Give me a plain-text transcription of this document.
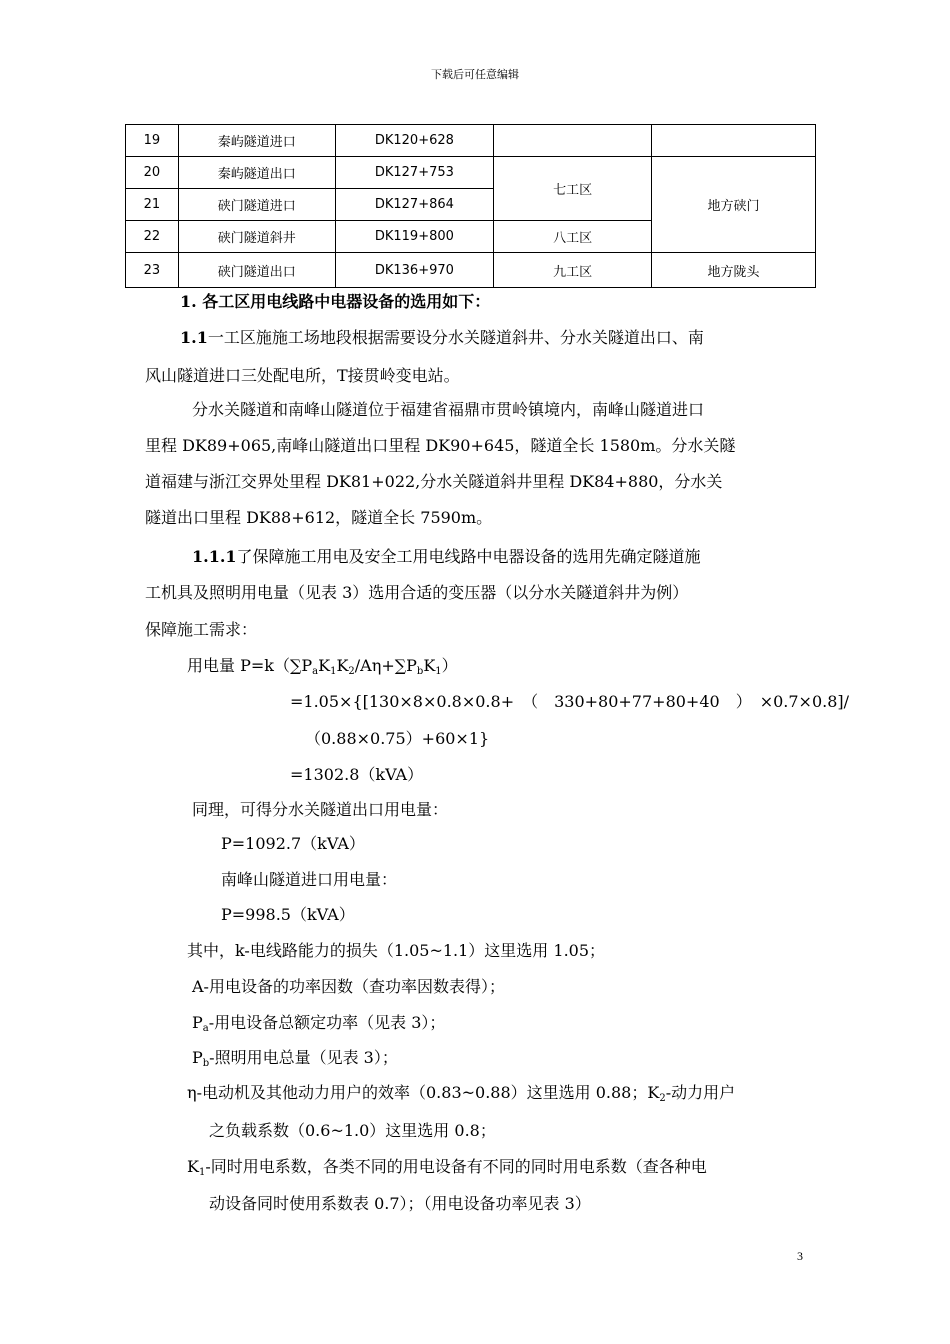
下载后可任意编辑
19	秦屿隧道进口	DK120+628		
20	秦屿隧道出口	DK127+753	七工区	地方硖门
21	硖门隧道进口	DK127+864		
22	硖门隧道斜井	DK119+800	八工区	
23	硖门隧道出口	DK136+970	九工区	地方陇头
1. 各工区用电线路中电器设备的选用如下：
1.1一工区施施工场地段根据需要设分水关隧道斜井、分水关隧道出口、南
风山隧道进口三处配电所，T接贯岭变电站。
分水关隧道和南峰山隧道位于福建省福鼎市贯岭镇境内，南峰山隧道进口
里程 DK89+065,南峰山隧道出口里程 DK90+645，隧道全长 1580m。分水关隧
道福建与浙江交界处里程 DK81+022,分水关隧道斜井里程 DK84+880，分水关
隧道出口里程 DK88+612，隧道全长 7590m。
1.1.1了保障施工用电及安全工用电线路中电器设备的选用先确定隧道施
工机具及照明用电量（见表 3）选用合适的变压器（以分水关隧道斜井为例）
保障施工需求：
用电量 $P=k(\sum P_aK_1K_2/A\eta+\sum P_bK_1)$
=1.05×{[130×8×0.8×0.8+　（　330+80+77+80+40　）　×0.7×0.8]/
（0.88×0.75）+60×1}
=1302.8（kVA）
同理，可得分水关隧道出口用电量：
P=1092.7（kVA）
南峰山隧道进口用电量：
P=998.5（kVA）
其中，k-电线路能力的损失（1.05~1.1）这里选用 1.05；
A-用电设备的功率因数（查功率因数表得）；
$P_a-$用电设备总额定功率（见表 3）；
$P_b-$照明用电总量（见表 3）；
η-电动机及其他动力用户的效率（0.83~0.88）这里选用 0.88；$K_2-$动力用户
之负载系数（0.6~1.0）这里选用 0.8；
$K_1-$同时用电系数，各类不同的用电设备有不同的同时用电系数（查各种电
动设备同时使用系数表 0.7）；（用电设备功率见表 3）
3
